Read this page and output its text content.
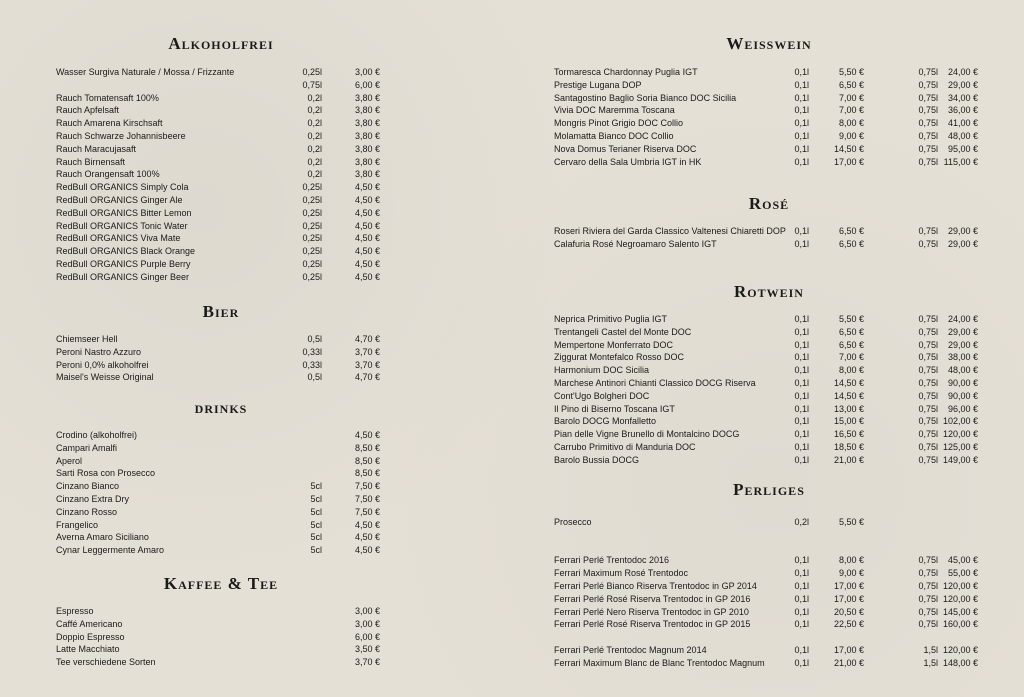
Alkoholfrei
Wasser Surgiva Naturale / Mossa / Frizzante	0,25l	3,00 €
0,75l	6,00 €
Rauch Tomatensaft 100%	0,2l	3,80 €
Rauch Apfelsaft	0,2l	3,80 €
Rauch Amarena Kirschsaft	0,2l	3,80 €
Rauch Schwarze Johannisbeere	0,2l	3,80 €
Rauch Maracujasaft	0,2l	3,80 €
Rauch Birnensaft	0,2l	3,80 €
Rauch Orangensaft 100%	0,2l	3,80 €
RedBull ORGANICS Simply Cola	0,25l	4,50 €
RedBull ORGANICS Ginger Ale	0,25l	4,50 €
RedBull ORGANICS Bitter Lemon	0,25l	4,50 €
RedBull ORGANICS Tonic Water	0,25l	4,50 €
RedBull ORGANICS Viva Mate	0,25l	4,50 €
RedBull ORGANICS Black Orange	0,25l	4,50 €
RedBull ORGANICS Purple Berry	0,25l	4,50 €
RedBull ORGANICS Ginger Beer	0,25l	4,50 €
Bier
Chiemseer Hell	0,5l	4,70 €
Peroni Nastro Azzuro	0,33l	3,70 €
Peroni 0,0% alkoholfrei	0,33l	3,70 €
Maisel's Weisse Original	0,5l	4,70 €
drinks
Crodino (alkoholfrei)	4,50 €
Campari Amalfi	8,50 €
Aperol	8,50 €
Sarti Rosa con Prosecco	8,50 €
Cinzano Bianco	5cl	7,50 €
Cinzano Extra Dry	5cl	7,50 €
Cinzano Rosso	5cl	7,50 €
Frangelico	5cl	4,50 €
Averna Amaro Siciliano	5cl	4,50 €
Cynar Leggermente Amaro	5cl	4,50 €
Kaffee & Tee
Espresso	3,00 €
Caffé Americano	3,00 €
Doppio Espresso	6,00 €
Latte Macchiato	3,50 €
Tee verschiedene Sorten	3,70 €
Weisswein
Tormaresca Chardonnay Puglia IGT	0,1l	5,50 €	0,75l	24,00 €
Prestige Lugana DOP	0,1l	6,50 €	0,75l	29,00 €
Santagostino Baglio Soria Bianco DOC Sicilia	0,1l	7,00 €	0,75l	34,00 €
Vivia DOC Maremma Toscana	0,1l	7,00 €	0,75l	36,00 €
Mongris Pinot Grigio DOC Collio	0,1l	8,00 €	0,75l	41,00 €
Molamatta Bianco DOC Collio	0,1l	9,00 €	0,75l	48,00 €
Nova Domus Terianer Riserva DOC	0,1l	14,50 €	0,75l	95,00 €
Cervaro della Sala Umbria IGT in HK	0,1l	17,00 €	0,75l 115,00 €
Rosé
Roseri Riviera del Garda Classico Valtenesi Chiaretti DOP 0,1l	6,50 €	0,75l	29,00 €
Calafuria Rosé Negroamaro Salento IGT	0,1l	6,50 €	0,75l	29,00 €
Rotwein
Neprica Primitivo Puglia IGT	0,1l	5,50 €	0,75l	24,00 €
Trentangeli Castel del Monte DOC	0,1l	6,50 €	0,75l	29,00 €
Mempertone Monferrato DOC	0,1l	6,50 €	0,75l	29,00 €
Ziggurat Montefalco Rosso DOC	0,1l	7,00 €	0,75l	38,00 €
Harmonium DOC Sicilia	0,1l	8,00 €	0,75l	48,00 €
Marchese Antinori Chianti Classico DOCG Riserva	0,1l	14,50 €	0,75l	90,00 €
Cont'Ugo Bolgheri DOC	0,1l	14,50 €	0,75l	90,00 €
Il Pino di Biserno Toscana IGT	0,1l	13,00 €	0,75l	96,00 €
Barolo DOCG Monfalletto	0,1l	15,00 €	0,75l 102,00 €
Pian delle Vigne Brunello di Montalcino DOCG	0,1l	16,50 €	0,75l 120,00 €
Carrubo Primitivo di Manduria DOC	0,1l	18,50 €	0,75l 125,00 €
Barolo Bussia DOCG	0,1l	21,00 €	0,75l 149,00 €
Perliges
Prosecco	0,2l	5,50 €
Ferrari Perlé Trentodoc 2016	0,1l	8,00 €	0,75l	45,00 €
Ferrari Maximum Rosé Trentodoc	0,1l	9,00 €	0,75l	55,00 €
Ferrari Perlé Bianco Riserva Trentodoc in GP 2014	0,1l	17,00 €	0,75l 120,00 €
Ferrari Perlé Rosé Riserva Trentodoc in GP 2016	0,1l	17,00 €	0,75l 120,00 €
Ferrari Perlé Nero Riserva Trentodoc in GP 2010	0,1l	20,50 €	0,75l 145,00 €
Ferrari Perlé Rosé Riserva Trentodoc in GP 2015	0,1l	22,50 €	0,75l 160,00 €
Ferrari Perlé Trentodoc Magnum 2014	0,1l	17,00 €	1,5l 120,00 €
Ferrari Maximum Blanc de Blanc Trentodoc Magnum	0,1l	21,00 €	1,5l 148,00 €
